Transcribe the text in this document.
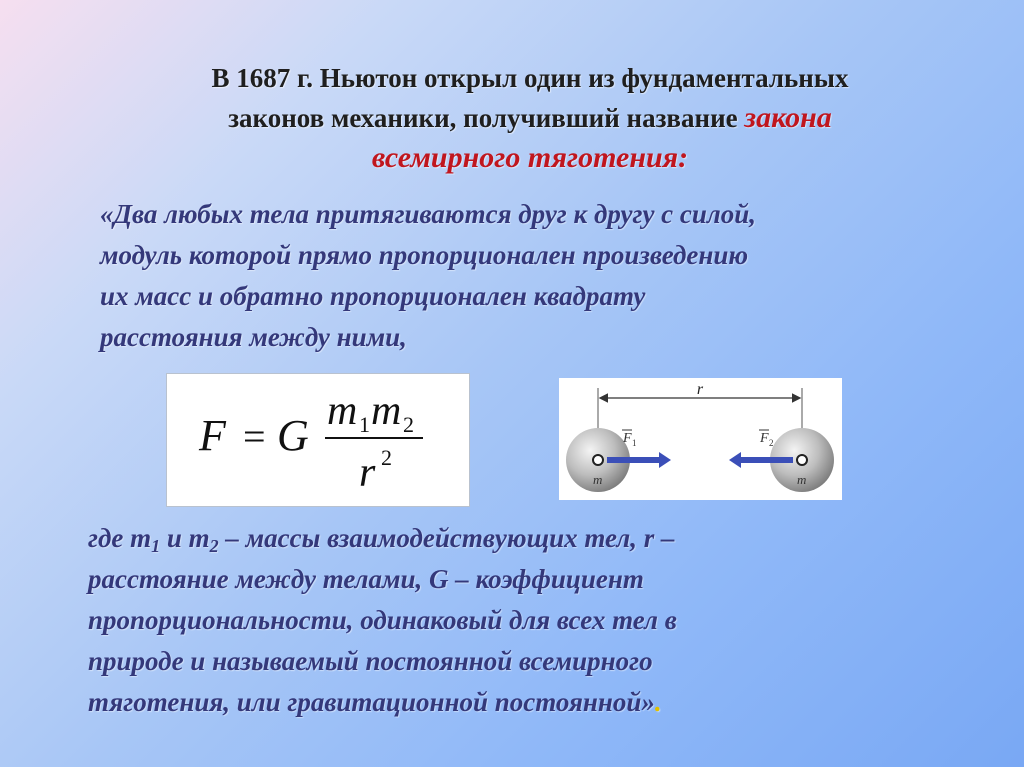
В 1687 г. Ньютон открыл один из фундаментальных
законов механики, получивший название закона
всемирного тяготения:
«Два любых тела притягиваются друг к другу с силой,
модуль которой прямо пропорционален произведению
их масс и обратно пропорционален квадрату
расстояния между ними,
F = G m 1 m 2
r 2
r
F 1	F 2
m	m
где $m_1$ и $m_2$ – массы взаимодействующих тел, r –
расстояние между телами, G – коэффициент
пропорциональности, одинаковый для всех тел в
природе и называемый постоянной всемирного
тяготения, или гравитационной постоянной».
